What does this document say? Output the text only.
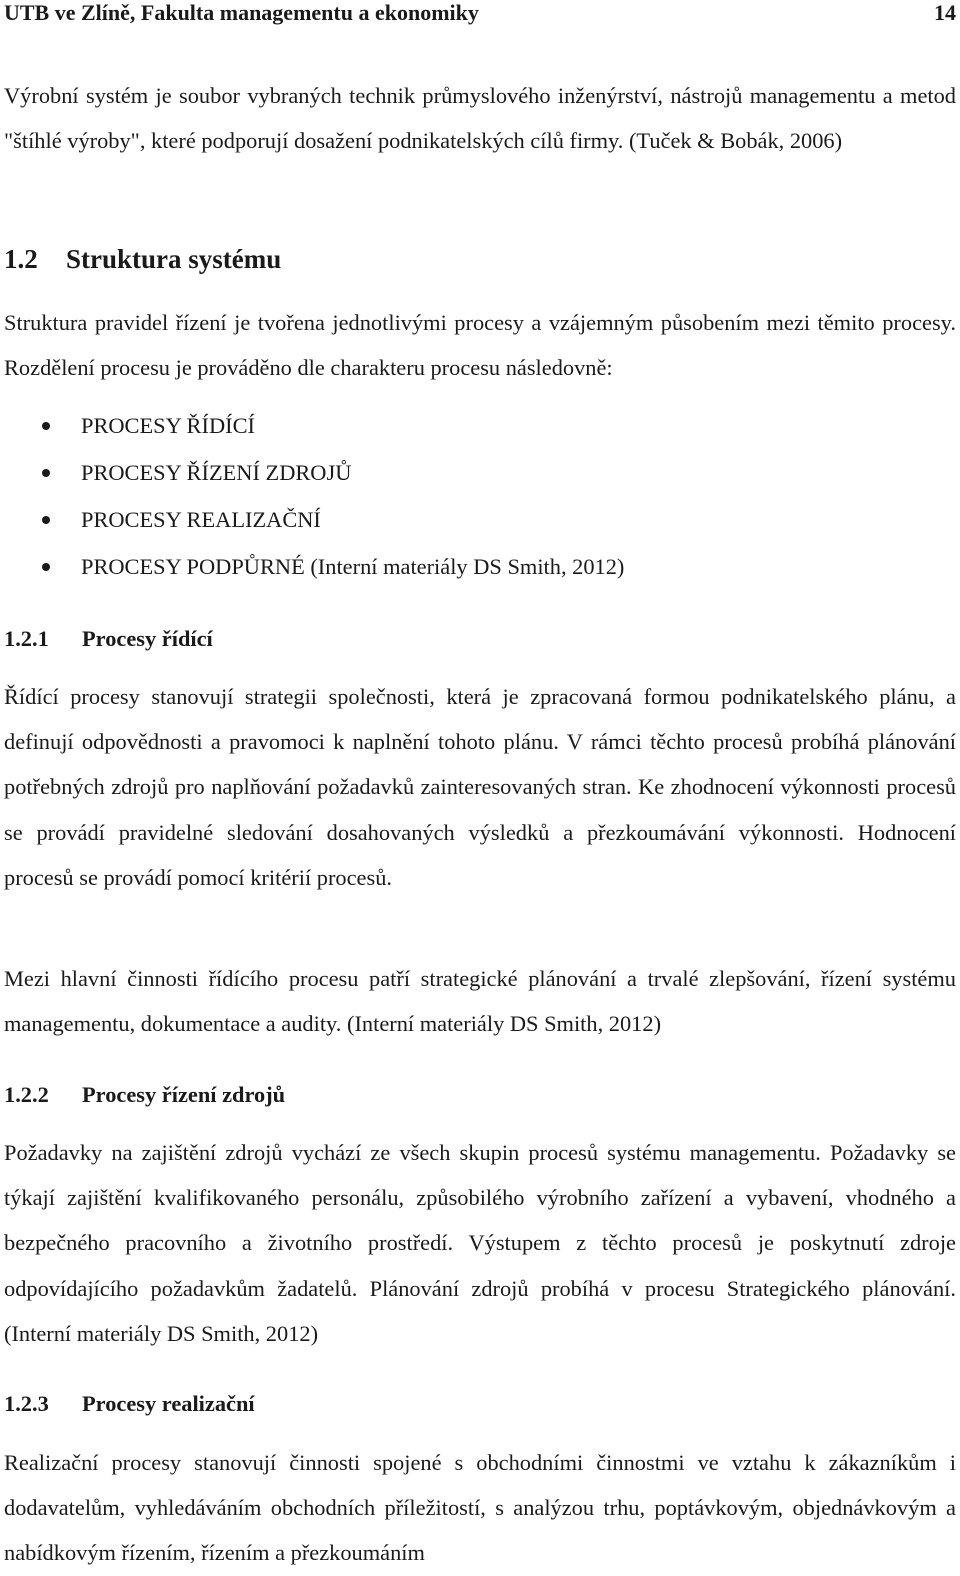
UTB ve Zlíně, Fakulta managementu a ekonomiky	14

Výrobní systém je soubor vybraných technik průmyslového inženýrství, nástrojů managementu a metod "štíhlé výroby", které podporují dosažení podnikatelských cílů firmy. (Tuček & Bobák, 2006)

1.2 Struktura systému

Struktura pravidel řízení je tvořena jednotlivými procesy a vzájemným působením mezi těmito procesy. Rozdělení procesu je prováděno dle charakteru procesu následovně:

PROCESY ŘÍDÍCÍ
PROCESY ŘÍZENÍ ZDROJŮ
PROCESY REALIZAČNÍ
PROCESY PODPŮRNÉ (Interní materiály DS Smith, 2012)
1.2.1 Procesy řídící

Řídící procesy stanovují strategii společnosti, která je zpracovaná formou podnikatelského plánu, a definují odpovědnosti a pravomoci k naplnění tohoto plánu. V rámci těchto procesů probíhá plánování potřebných zdrojů pro naplňování požadavků zainteresovaných stran. Ke zhodnocení výkonnosti procesů se provádí pravidelné sledování dosahovaných výsledků a přezkoumávání výkonnosti. Hodnocení procesů se provádí pomocí kritérií procesů.

Mezi hlavní činnosti řídícího procesu patří strategické plánování a trvalé zlepšování, řízení systému managementu, dokumentace a audity. (Interní materiály DS Smith, 2012)

1.2.2 Procesy řízení zdrojů

Požadavky na zajištění zdrojů vychází ze všech skupin procesů systému managementu. Požadavky se týkají zajištění kvalifikovaného personálu, způsobilého výrobního zařízení a vybavení, vhodného a bezpečného pracovního a životního prostředí. Výstupem z těchto procesů je poskytnutí zdroje odpovídajícího požadavkům žadatelů. Plánování zdrojů probíhá v procesu Strategického plánování. (Interní materiály DS Smith, 2012)

1.2.3 Procesy realizační

Realizační procesy stanovují činnosti spojené s obchodními činnostmi ve vztahu k zákazníkům i dodavatelům, vyhledáváním obchodních příležitostí, s analýzou trhu, poptávkovým, objednávkovým a nabídkovým řízením, řízením a přezkoumáním
